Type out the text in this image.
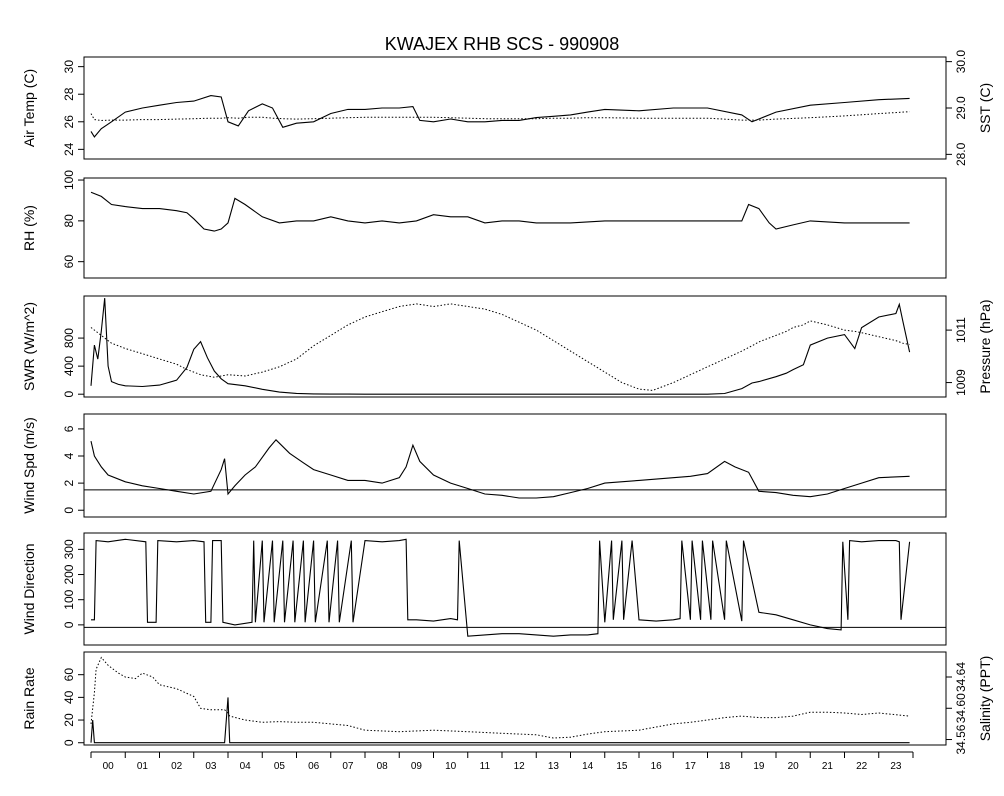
KWAJEX RHB SCS - 990908
24
26
28
30
Air Temp (C)
28.0
29.0
30.0
SST (C)
60
80
100
RH (%)
0
400
800
SWR (W/m^2)	1009
1011 Pressure (hPa)
0
2
4
6
Wind Spd (m/s)
0
100
200
300
Wind Direction
0
20
40
60
Rain Rate
34.56
34.60
34.64 Salinity (PPT)
00 01 02 03 04 05 06 07 08 09 10 11 12 13 14 15 16 17 18 19 20 21 22 23
